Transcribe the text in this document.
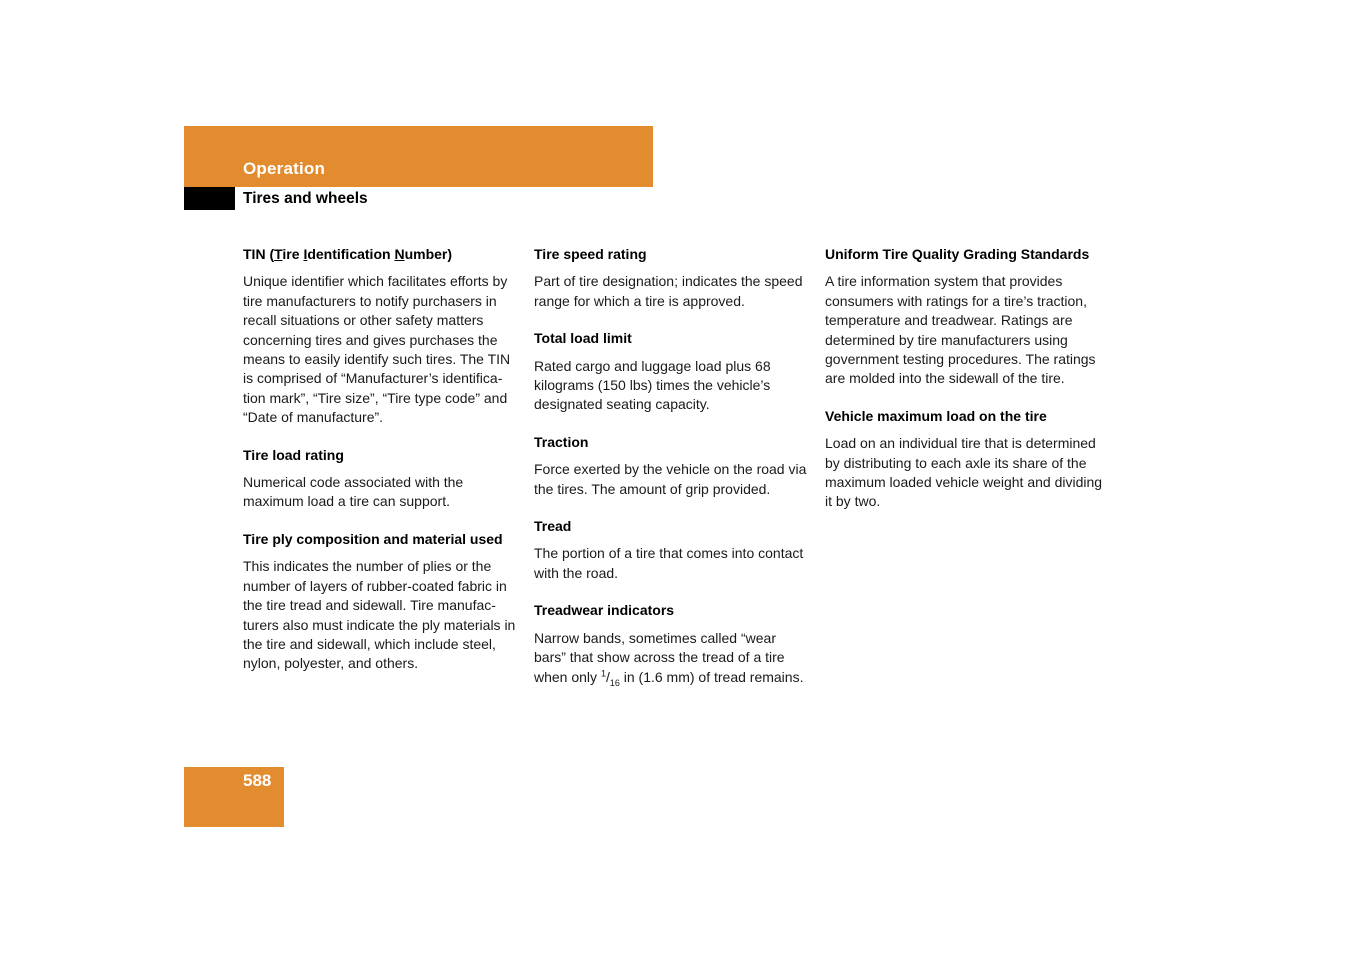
Operation
Tires and wheels

TIN (Tire Identification Number)

Unique identifier which facilitates efforts by tire manufacturers to notify purchasers in recall situations or other safety matters concerning tires and gives purchases the means to easily identify such tires. The TIN is comprised of “Manufacturer’s identifica-tion mark”, “Tire size”, “Tire type code” and “Date of manufacture”.

Tire load rating

Numerical code associated with the maximum load a tire can support.

Tire ply composition and material used

This indicates the number of plies or the number of layers of rubber-coated fabric in the tire tread and sidewall. Tire manufac-turers also must indicate the ply materials in the tire and sidewall, which include steel, nylon, polyester, and others.

Tire speed rating

Part of tire designation; indicates the speed range for which a tire is approved.

Total load limit

Rated cargo and luggage load plus 68 kilograms (150 lbs) times the vehicle’s designated seating capacity.

Traction

Force exerted by the vehicle on the road via the tires. The amount of grip provided.

Tread

The portion of a tire that comes into contact with the road.

Treadwear indicators

Narrow bands, sometimes called “wear bars” that show across the tread of a tire when only $^1/_{16}$ in (1.6 mm) of tread remains.

Uniform Tire Quality Grading Standards

A tire information system that provides consumers with ratings for a tire’s traction, temperature and treadwear. Ratings are determined by tire manufacturers using government testing procedures. The ratings are molded into the sidewall of the tire.

Vehicle maximum load on the tire

Load on an individual tire that is determined by distributing to each axle its share of the maximum loaded vehicle weight and dividing it by two.

588
